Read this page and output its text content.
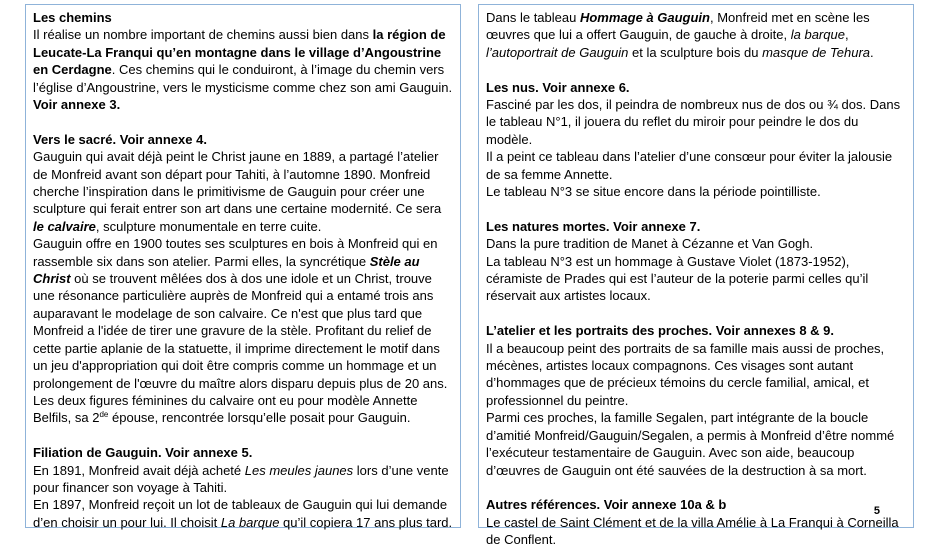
Les chemins
Il réalise un nombre important de chemins aussi bien dans la région de Leucate-La Franqui qu’en montagne dans le village d’Angoustrine en Cerdagne. Ces chemins qui le conduiront, à l’image du chemin vers l’église d’Angoustrine, vers le mysticisme comme chez son ami Gauguin.
Voir annexe 3.
Vers le sacré. Voir annexe 4.
Gauguin qui avait déjà peint le Christ jaune en 1889, a partagé l’atelier de Monfreid avant son départ pour Tahiti, à l’automne 1890. Monfreid cherche l’inspiration dans le primitivisme de Gauguin pour créer une sculpture qui ferait entrer son art dans une certaine modernité. Ce sera le calvaire, sculpture monumentale en terre cuite.
Gauguin offre en 1900 toutes ses sculptures en bois à Monfreid qui en rassemble six dans son atelier. Parmi elles, la syncrétique Stèle au Christ où se trouvent mêlées dos à dos une idole et un Christ, trouve une résonance particulière auprès de Monfreid qui a entamé trois ans auparavant le modelage de son calvaire. Ce n'est que plus tard que Monfreid a l'idée de tirer une gravure de la stèle. Profitant du relief de cette partie aplanie de la statuette, il imprime directement le motif dans un jeu d'appropriation qui doit être compris comme un hommage et un prolongement de l'œuvre du maître alors disparu depuis plus de 20 ans.
Les deux figures féminines du calvaire ont eu pour modèle Annette Belfils, sa 2de épouse, rencontrée lorsqu’elle posait pour Gauguin.
Filiation de Gauguin. Voir annexe 5.
En 1891, Monfreid avait déjà acheté Les meules jaunes lors d’une vente pour financer son voyage à Tahiti.
En 1897, Monfreid reçoit un lot de tableaux de Gauguin qui lui demande d’en choisir un pour lui. Il choisit La barque qu’il copiera 17 ans plus tard.
Dans le tableau Hommage à Gauguin, Monfreid met en scène les œuvres que lui a offert Gauguin, de gauche à droite, la barque, l’autoportrait de Gauguin et la sculpture bois du masque de Tehura.
Les nus. Voir annexe 6.
Fasciné par les dos, il peindra de nombreux nus de dos ou ¾ dos. Dans le tableau N°1, il jouera du reflet du miroir pour peindre le dos du modèle.
Il a peint ce tableau dans l’atelier d’une consœur pour éviter la jalousie de sa femme Annette.
Le tableau N°3 se situe encore dans la période pointilliste.
Les natures mortes. Voir annexe 7.
Dans la pure tradition de Manet à Cézanne et Van Gogh.
La tableau N°3 est un hommage à Gustave Violet (1873-1952), céramiste de Prades qui est l’auteur de la poterie parmi celles qu’il réservait aux artistes locaux.
L’atelier et les portraits des proches. Voir annexes 8 & 9.
Il a beaucoup peint des portraits de sa famille mais aussi de proches, mécènes, artistes locaux compagnons. Ces visages sont autant d’hommages que de précieux témoins du cercle familial, amical, et professionnel du peintre.
Parmi ces proches, la famille Segalen, part intégrante de la boucle d’amitié Monfreid/Gauguin/Segalen, a permis à Monfreid d’être nommé l’exécuteur testamentaire de Gauguin. Avec son aide, beaucoup d’œuvres de Gauguin ont été sauvées de la destruction à sa mort.
Autres références. Voir annexe 10a & b
Le castel de Saint Clément et de la villa Amélie à La Franqui à Corneilla de Conflent.
5
